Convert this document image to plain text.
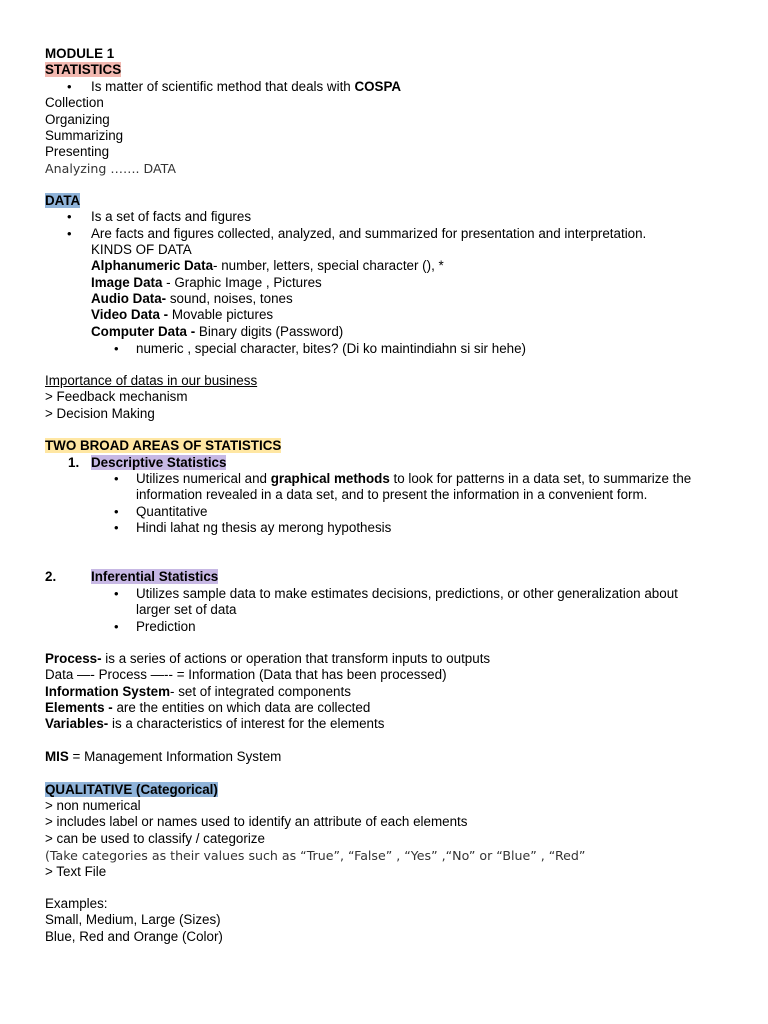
MODULE 1
STATISTICS
• Is matter of scientific method that deals with COSPA
Collection
Organizing
Summarizing
Presenting
Analyzing ……. DATA
DATA
• Is a set of facts and figures
• Are facts and figures collected, analyzed, and summarized for presentation and interpretation.
KINDS OF DATA
Alphanumeric Data- number, letters, special character (), *
Image Data - Graphic Image , Pictures
Audio Data- sound, noises, tones
Video Data - Movable pictures
Computer Data - Binary digits (Password)
• numeric , special character, bites? (Di ko maintindiahn si sir hehe)
Importance of datas in our business
> Feedback mechanism
> Decision Making
TWO BROAD AREAS OF STATISTICS
1. Descriptive Statistics
• Utilizes numerical and graphical methods to look for patterns in a data set, to summarize the
information revealed in a data set, and to present the information in a convenient form.
• Quantitative
• Hindi lahat ng thesis ay merong hypothesis
2.	Inferential Statistics
• Utilizes sample data to make estimates decisions, predictions, or other generalization about
larger set of data
• Prediction
Process- is a series of actions or operation that transform inputs to outputs
Data —- Process —-- = Information (Data that has been processed)
Information System- set of integrated components
Elements - are the entities on which data are collected
Variables- is a characteristics of interest for the elements
MIS = Management Information System
QUALITATIVE (Categorical)
> non numerical
> includes label or names used to identify an attribute of each elements
> can be used to classify / categorize
(Take categories as their values such as “True”, “False” , “Yes” ,“No” or “Blue” , “Red”
> Text File
Examples:
Small, Medium, Large (Sizes)
Blue, Red and Orange (Color)
